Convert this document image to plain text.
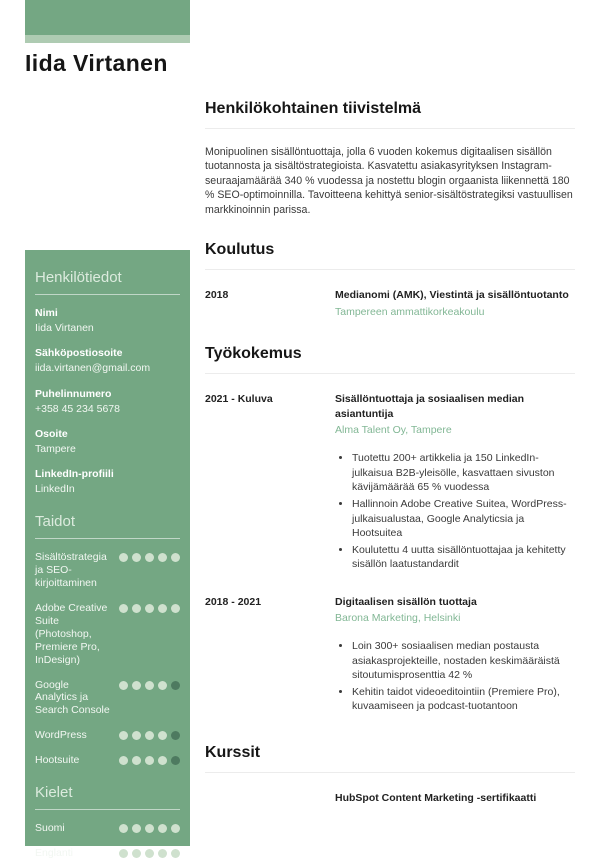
Iida Virtanen
Henkilötiedot
Nimi
Iida Virtanen
Sähköpostiosoite
iida.virtanen@gmail.com
Puhelinnumero
+358 45 234 5678
Osoite
Tampere
LinkedIn-profiili
LinkedIn
Taidot
Sisältöstrategia ja SEO-kirjoittaminen
Adobe Creative Suite (Photoshop, Premiere Pro, InDesign)
Google Analytics ja Search Console
WordPress
Hootsuite
Kielet
Suomi
Englanti
Henkilökohtainen tiivistelmä

Monipuolinen sisällöntuottaja, jolla 6 vuoden kokemus digitaalisen sisällön tuotannosta ja sisältöstrategioista. Kasvatettu asiakasyrityksen Instagram-seuraajamäärää 340 % vuodessa ja nostettu blogin orgaanista liikennettä 180 % SEO-optimoinnilla. Tavoitteena kehittyä senior-sisältöstrategiksi vastuullisen markkinoinnin parissa.

Koulutus
2018	Medianomi (AMK), Viestintä ja sisällöntuotanto
Tampereen ammattikorkeakoulu
Työkokemus
2021 - Kuluva	Sisällöntuottaja ja sosiaalisen median asiantuntija
Alma Talent Oy, Tampere
• Tuotettu 200+ artikkelia ja 150 LinkedIn-julkaisua B2B-yleisölle, kasvattaen sivuston kävijämäärää 65 % vuodessa
• Hallinnoin Adobe Creative Suitea, WordPress-julkaisualustaa, Google Analyticsia ja Hootsuitea
• Koulutettu 4 uutta sisällöntuottajaa ja kehitetty sisällön laatustandardit
2018 - 2021	Digitaalisen sisällön tuottaja
Barona Marketing, Helsinki
• Loin 300+ sosiaalisen median postausta asiakasprojekteille, nostaden keskimääräistä sitoutumisprosenttia 42 %
• Kehitin taidot videoeditointiin (Premiere Pro), kuvaamiseen ja podcast-tuotantoon
Kurssit
HubSpot Content Marketing -sertifikaatti
